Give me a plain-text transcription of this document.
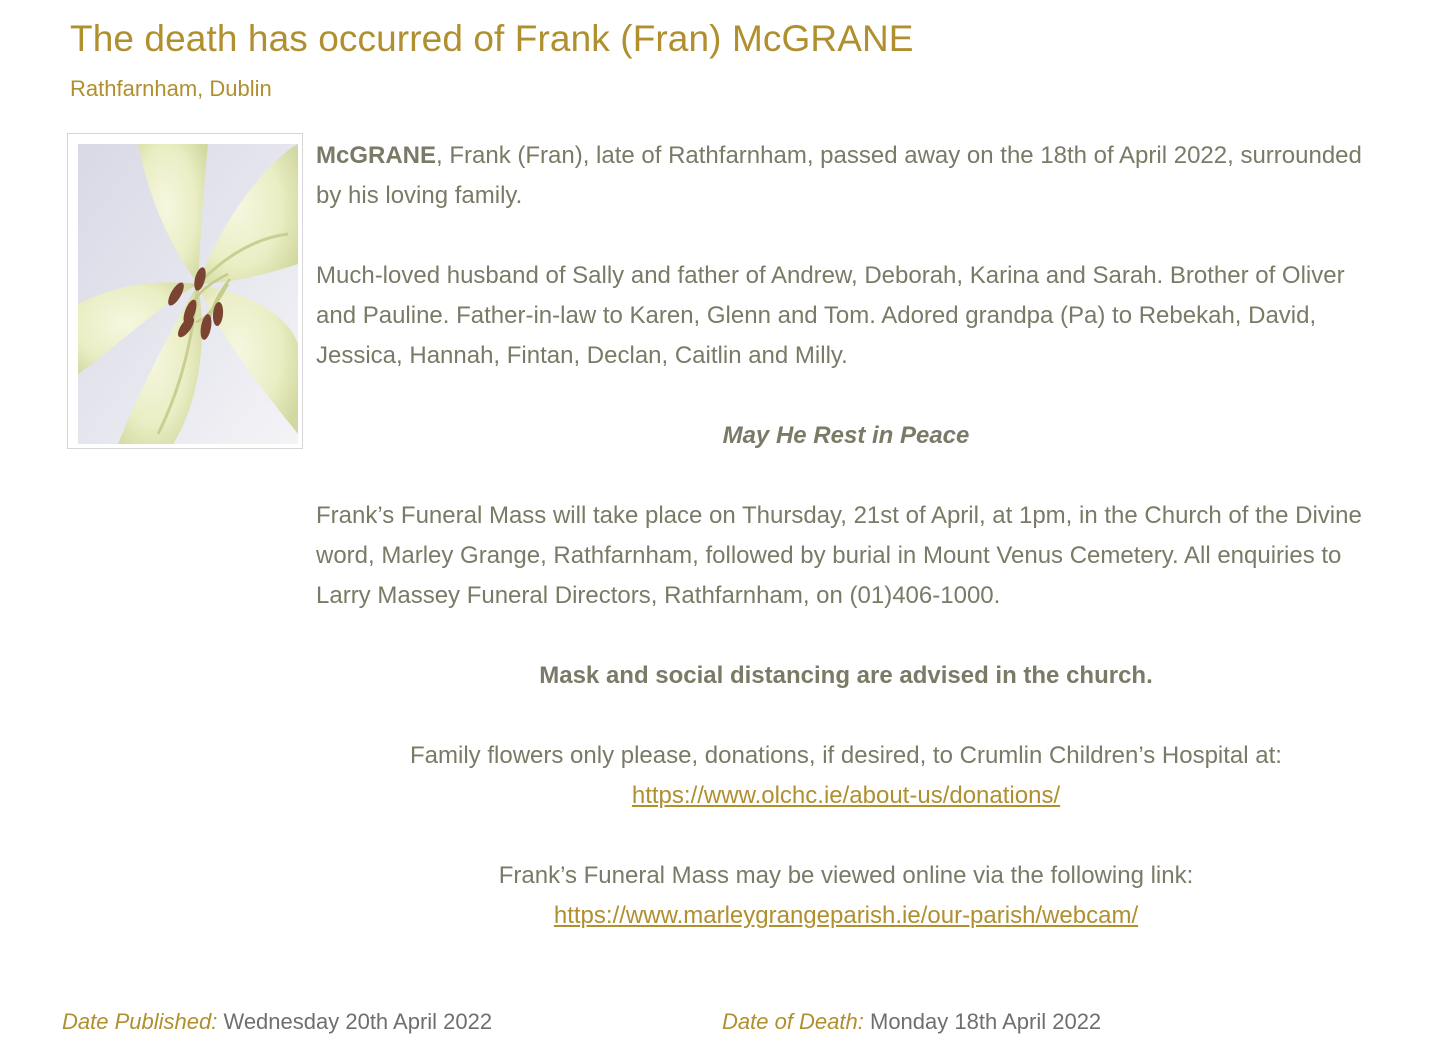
The death has occurred of Frank (Fran) McGRANE
Rathfarnham, Dublin

McGRANE, Frank (Fran), late of Rathfarnham, passed away on the 18th of April 2022, surrounded by his loving family.

Much-loved husband of Sally and father of Andrew, Deborah, Karina and Sarah. Brother of Oliver and Pauline. Father-in-law to Karen, Glenn and Tom. Adored grandpa (Pa) to Rebekah, David, Jessica, Hannah, Fintan, Declan, Caitlin and Milly.

May He Rest in Peace

Frank’s Funeral Mass will take place on Thursday, 21st of April, at 1pm, in the Church of the Divine word, Marley Grange, Rathfarnham, followed by burial in Mount Venus Cemetery. All enquiries to Larry Massey Funeral Directors, Rathfarnham, on (01)406-1000.

Mask and social distancing are advised in the church.

Family flowers only please, donations, if desired, to Crumlin Children’s Hospital at:
https://www.olchc.ie/about-us/donations/

Frank’s Funeral Mass may be viewed online via the following link:
https://www.marleygrangeparish.ie/our-parish/webcam/

Date Published: Wednesday 20th April 2022	Date of Death: Monday 18th April 2022
